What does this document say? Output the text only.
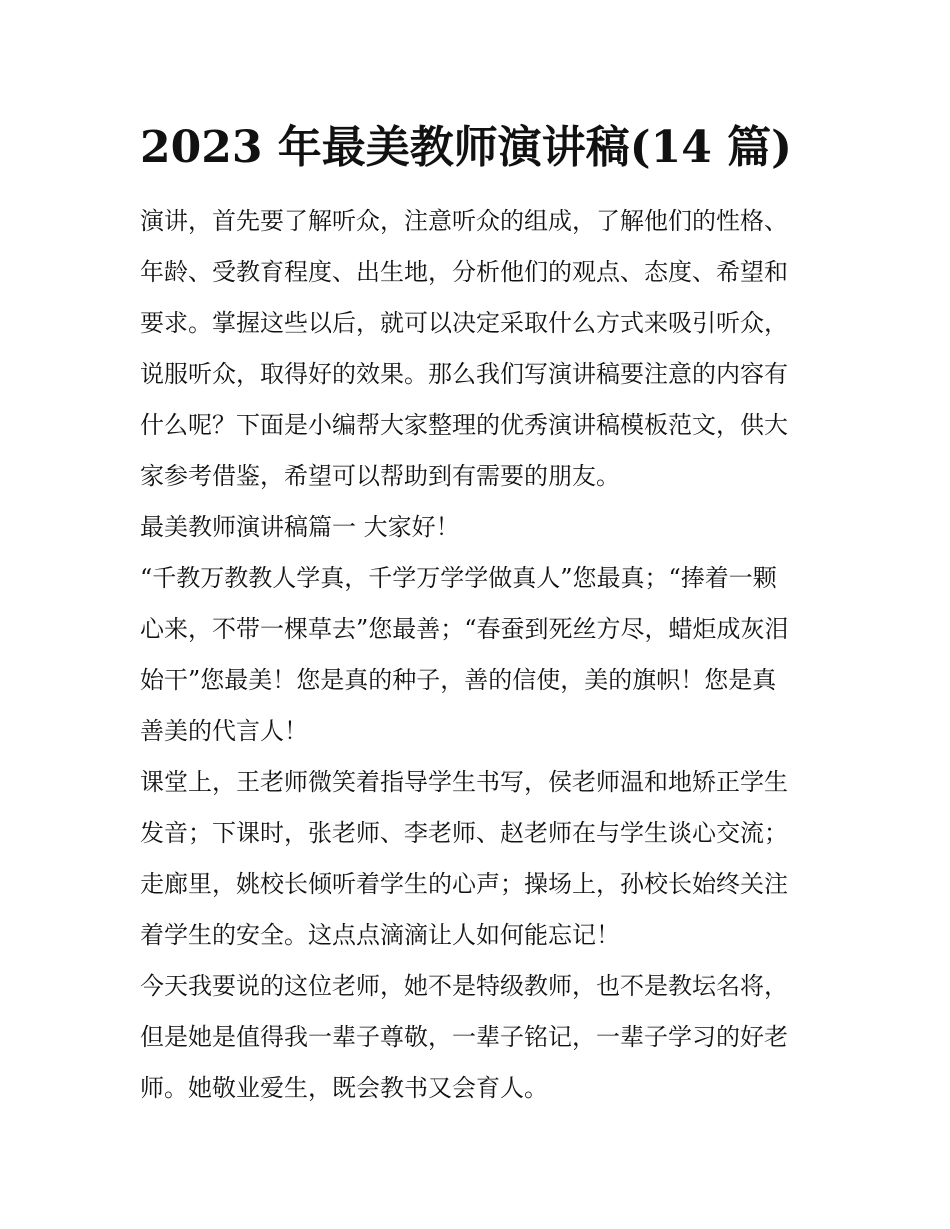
2023 年最美教师演讲稿(14 篇)
演讲，首先要了解听众，注意听众的组成，了解他们的性格、
年龄、受教育程度、出生地，分析他们的观点、态度、希望和
要求。掌握这些以后，就可以决定采取什么方式来吸引听众，
说服听众，取得好的效果。那么我们写演讲稿要注意的内容有
什么呢？下面是小编帮大家整理的优秀演讲稿模板范文，供大
家参考借鉴，希望可以帮助到有需要的朋友。
最美教师演讲稿篇一 大家好！
“千教万教教人学真，千学万学学做真人”您最真；“捧着一颗
心来，不带一棵草去”您最善；“春蚕到死丝方尽，蜡炬成灰泪
始干”您最美！您是真的种子，善的信使，美的旗帜！您是真
善美的代言人！
课堂上，王老师微笑着指导学生书写，侯老师温和地矫正学生
发音；下课时，张老师、李老师、赵老师在与学生谈心交流；
走廊里，姚校长倾听着学生的心声；操场上，孙校长始终关注
着学生的安全。这点点滴滴让人如何能忘记！
今天我要说的这位老师，她不是特级教师，也不是教坛名将，
但是她是值得我一辈子尊敬，一辈子铭记，一辈子学习的好老
师。她敬业爱生，既会教书又会育人。
